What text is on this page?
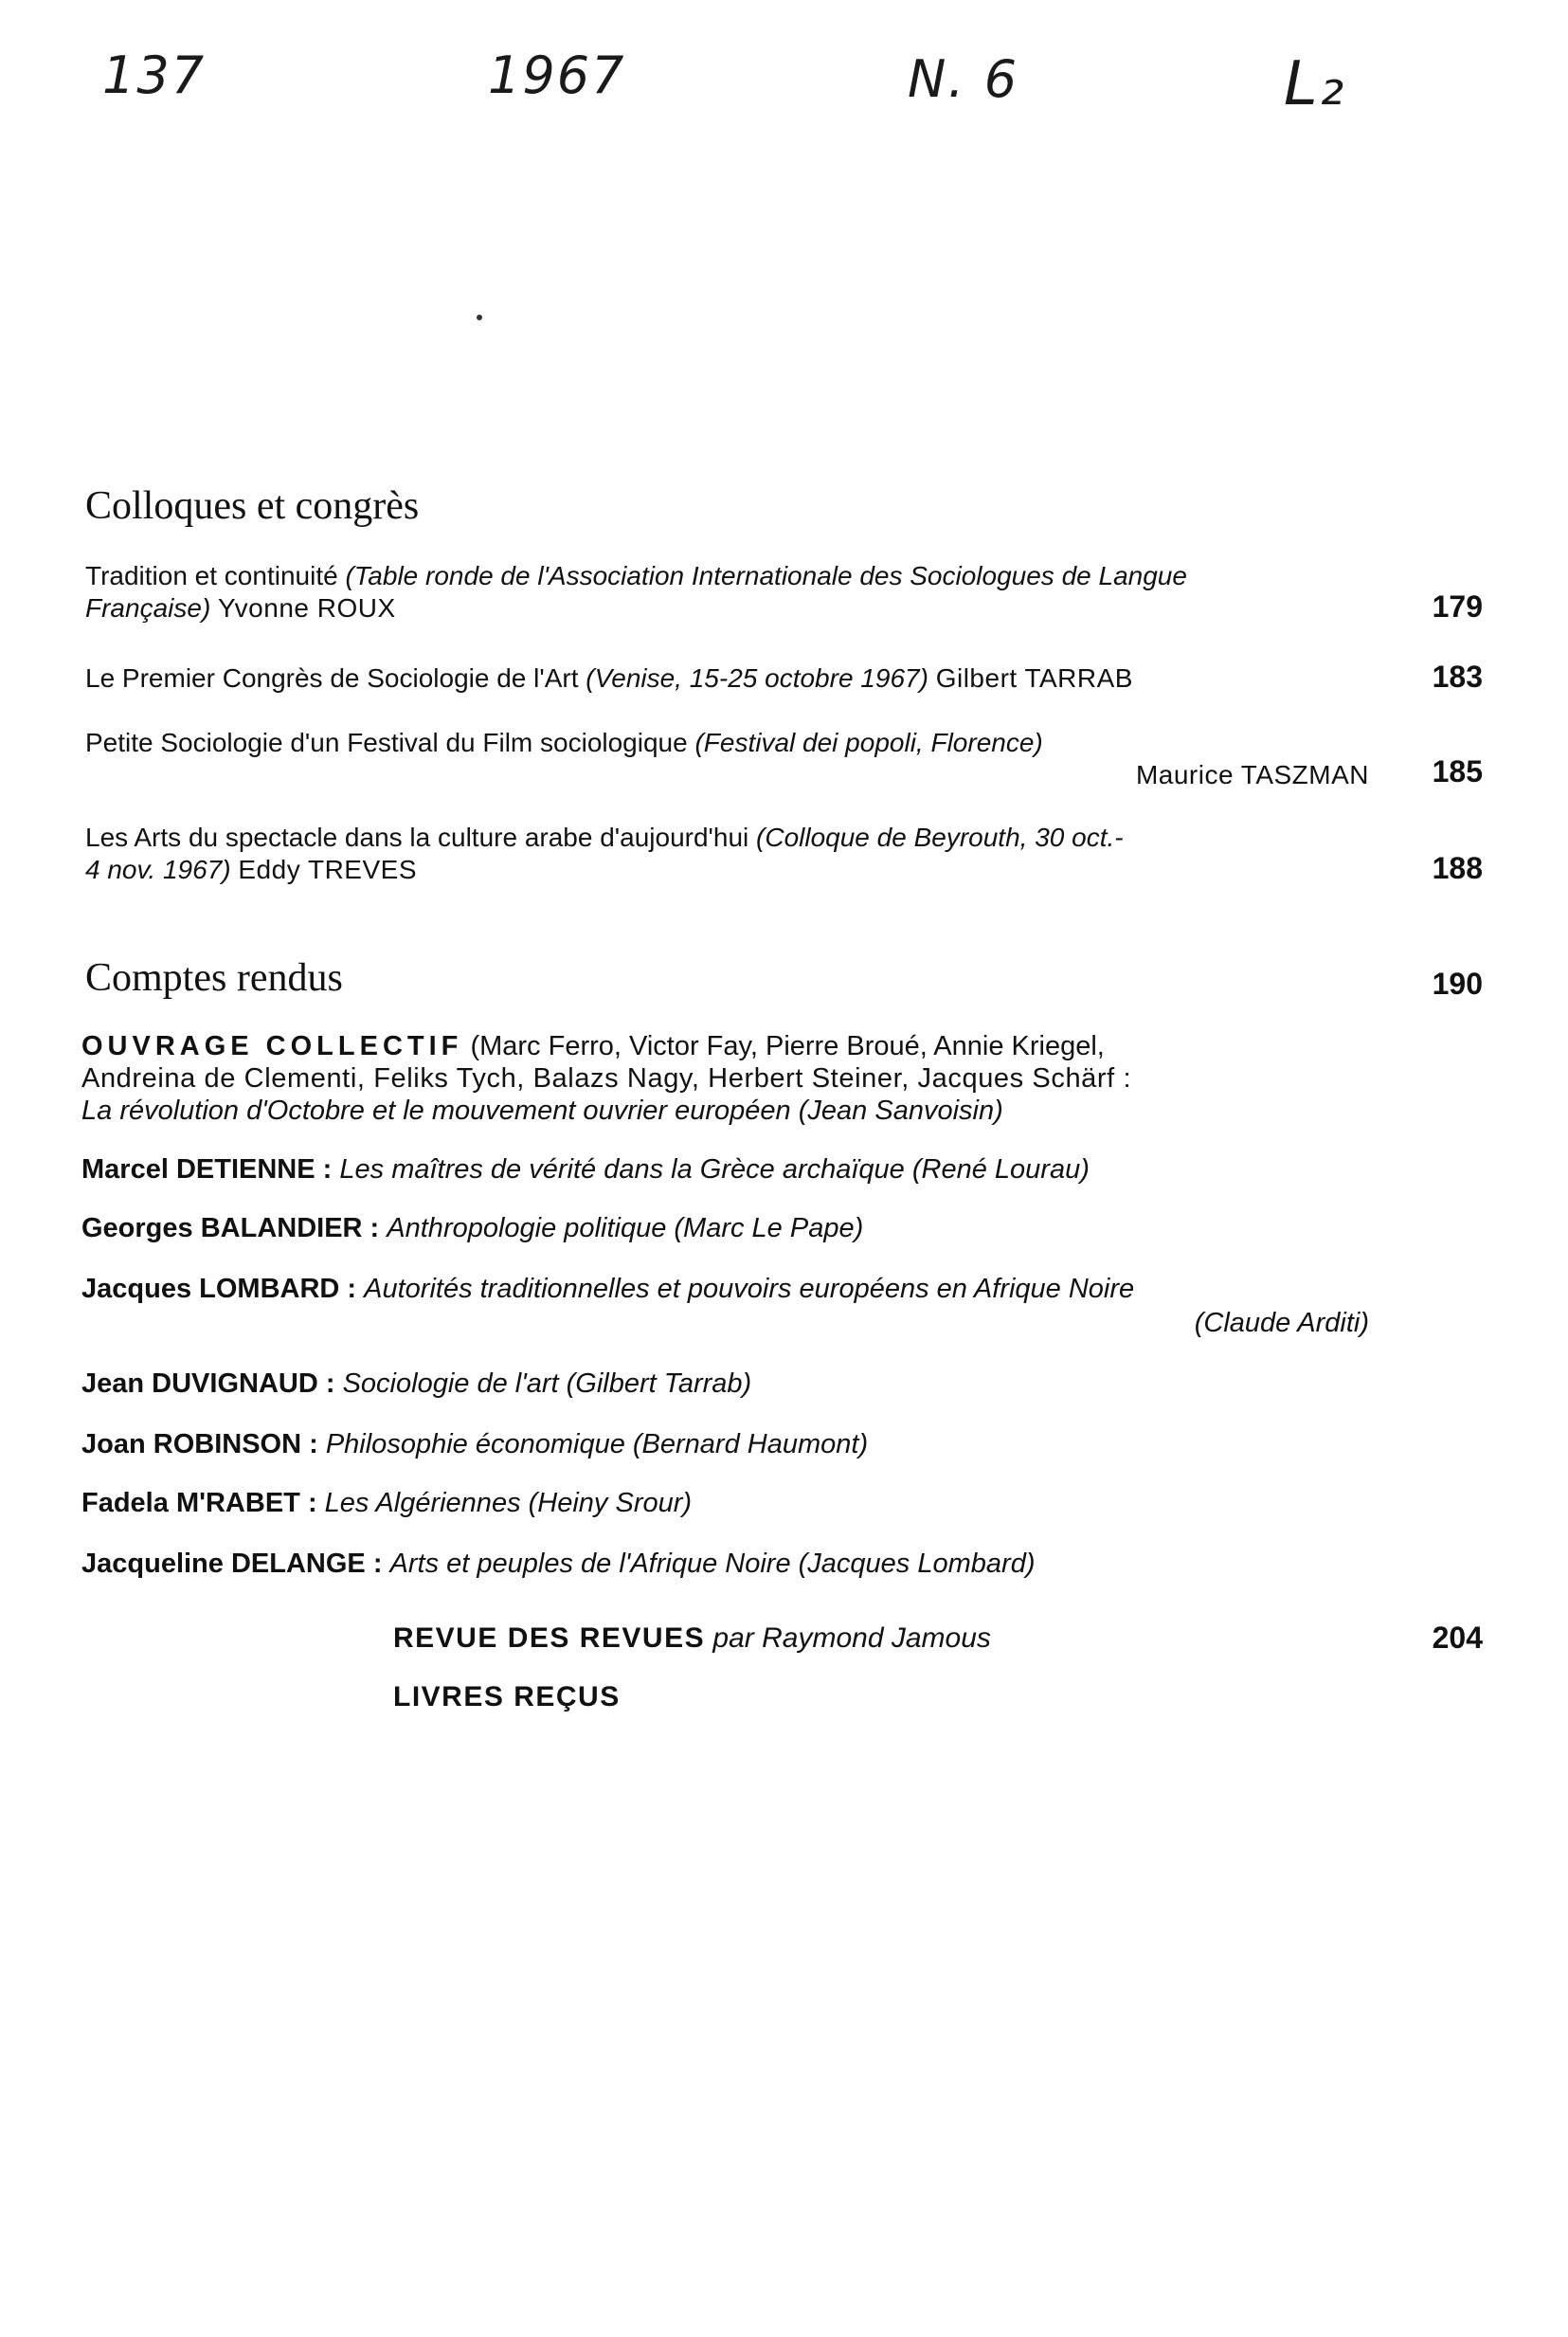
137	1967	N. 6	L₂
Colloques et congrès
Tradition et continuité (Table ronde de l'Association Internationale des Sociologues de Langue
Française) Yvonne ROUX	179
Le Premier Congrès de Sociologie de l'Art (Venise, 15-25 octobre 1967) Gilbert TARRAB	183
Petite Sociologie d'un Festival du Film sociologique (Festival dei popoli, Florence)
Maurice TASZMAN	185
Les Arts du spectacle dans la culture arabe d'aujourd'hui (Colloque de Beyrouth, 30 oct.-
4 nov. 1967) Eddy TREVES	188
Comptes rendus	190
OUVRAGE COLLECTIF (Marc Ferro, Victor Fay, Pierre Broué, Annie Kriegel,
Andreina de Clementi, Feliks Tych, Balazs Nagy, Herbert Steiner, Jacques Schärf :
La révolution d'Octobre et le mouvement ouvrier européen (Jean Sanvoisin)
Marcel DETIENNE : Les maîtres de vérité dans la Grèce archaïque (René Lourau)
Georges BALANDIER : Anthropologie politique (Marc Le Pape)
Jacques LOMBARD : Autorités traditionnelles et pouvoirs européens en Afrique Noire
(Claude Arditi)
Jean DUVIGNAUD : Sociologie de l'art (Gilbert Tarrab)
Joan ROBINSON : Philosophie économique (Bernard Haumont)
Fadela M'RABET : Les Algériennes (Heiny Srour)
Jacqueline DELANGE : Arts et peuples de l'Afrique Noire (Jacques Lombard)
REVUE DES REVUES par Raymond Jamous	204
LIVRES REÇUS
